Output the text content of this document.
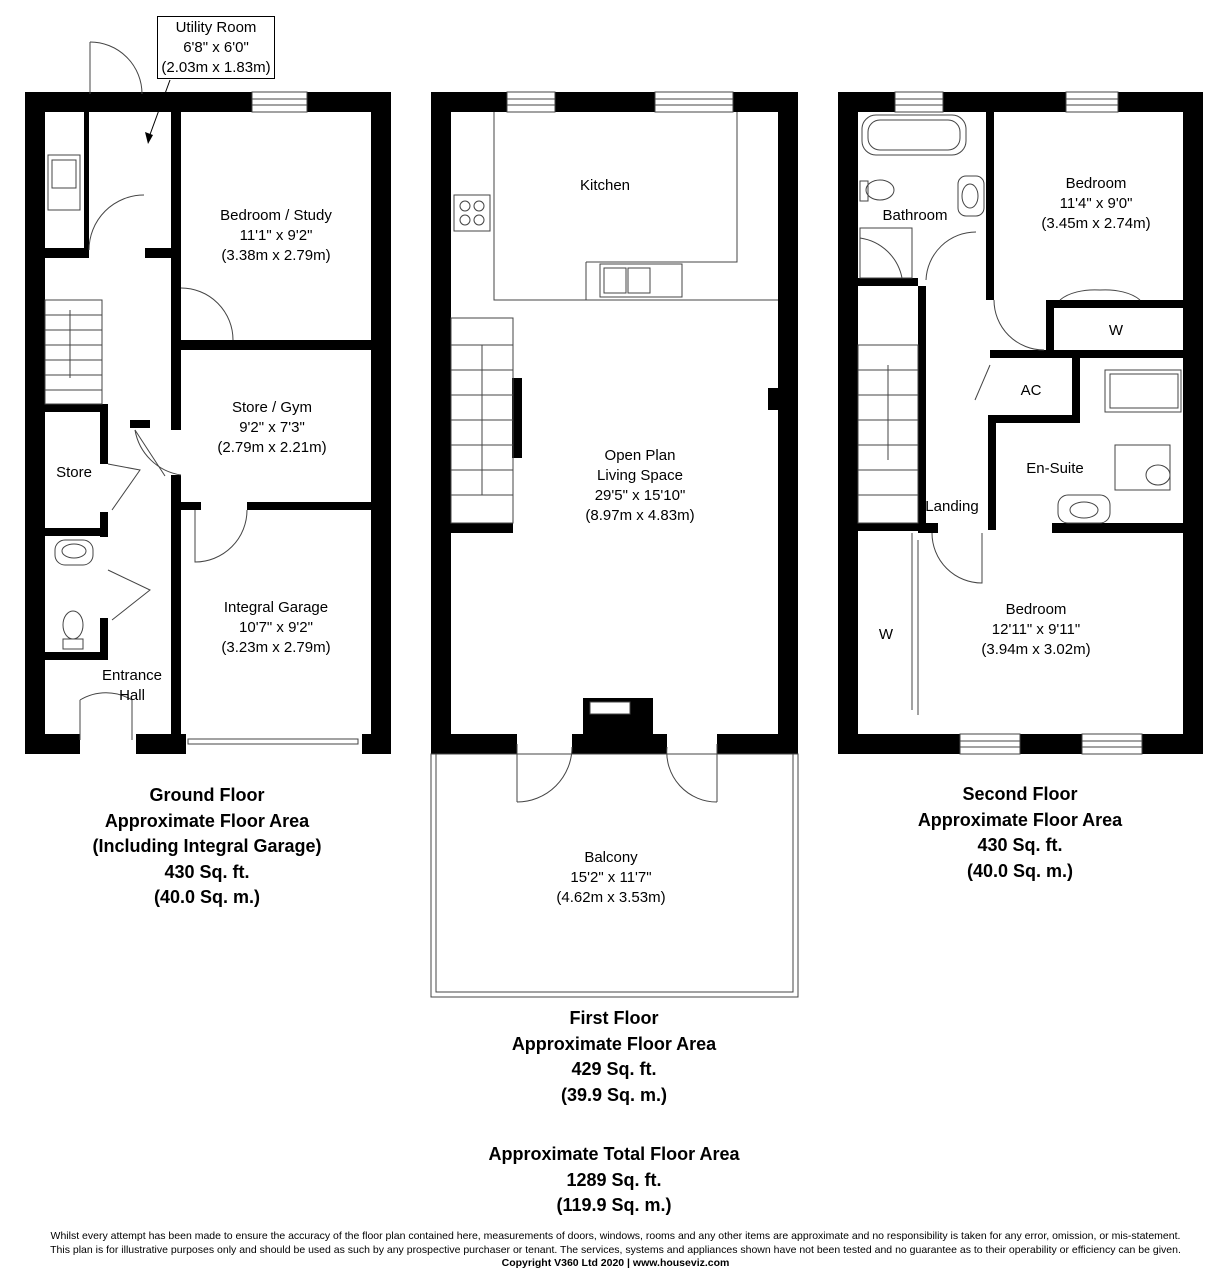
Utility Room
6'8" x 6'0"
(2.03m x 1.83m)
Bedroom / Study
11'1" x 9'2"
(3.38m x 2.79m)
Store / Gym
9'2" x 7'3"
(2.79m x 2.21m)
Store
Integral Garage
10'7" x 9'2"
(3.23m x 2.79m)
Entrance
Hall
Kitchen
Open Plan
Living Space
29'5" x 15'10"
(8.97m x 4.83m)
Balcony
15'2" x 11'7"
(4.62m x 3.53m)
Bathroom
Bedroom
11'4" x 9'0"
(3.45m x 2.74m)
W
AC
En-Suite
Landing
Bedroom
12'11" x 9'11"
(3.94m x 3.02m)
W
Ground Floor
Approximate Floor Area
(Including Integral Garage)
430 Sq. ft.
(40.0 Sq. m.)
First Floor
Approximate Floor Area
429 Sq. ft.
(39.9 Sq. m.)
Second Floor
Approximate Floor Area
430 Sq. ft.
(40.0 Sq. m.)
Approximate Total Floor Area
1289 Sq. ft.
(119.9 Sq. m.)
Whilst every attempt has been made to ensure the accuracy of the floor plan contained here, measurements of doors, windows, rooms and any other items are approximate and no responsibility is taken for any error, omission, or mis-statement.
This plan is for illustrative purposes only and should be used as such by any prospective purchaser or tenant. The services, systems and appliances shown have not been tested and no guarantee as to their operability or efficiency can be given.
Copyright V360 Ltd 2020 | www.houseviz.com
